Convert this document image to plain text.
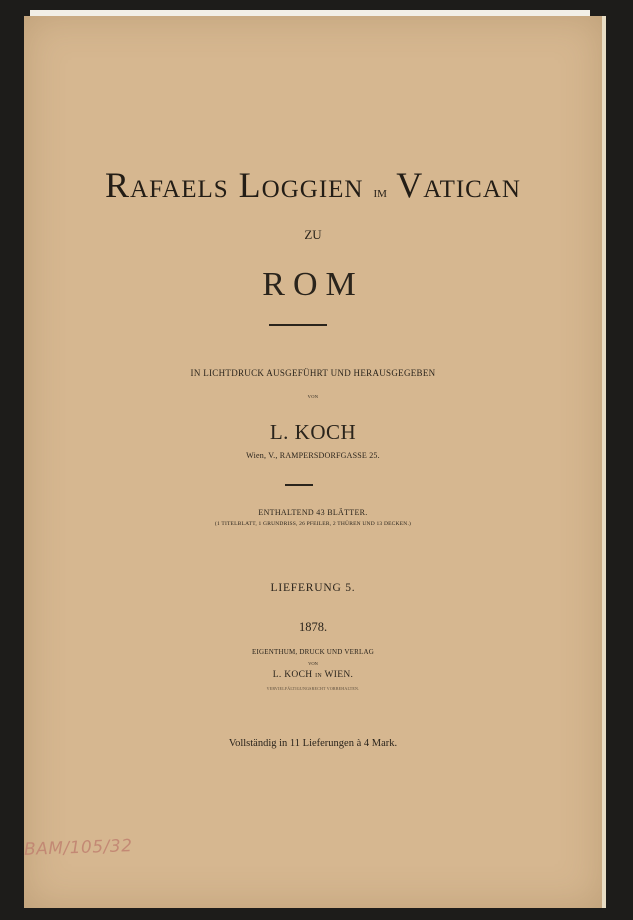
Rafaels Loggien im Vatican
zu
ROM
IN LICHTDRUCK AUSGEFÜHRT UND HERAUSGEGEBEN
VON
L. KOCH
Wien, V., RAMPERSDORFGASSE 25.
ENTHALTEND 43 BLÄTTER.
(1 TITELBLATT, 1 GRUNDRISS, 26 PFEILER, 2 THÜREN UND 13 DECKEN.)
LIEFERUNG 5.
1878.
EIGENTHUM, DRUCK UND VERLAG
VON
L. KOCH IN WIEN.
VERVIELFÄLTIGUNGSRECHT VORBEHALTEN.
Vollständig in 11 Lieferungen à 4 Mark.
BAM/105/32
